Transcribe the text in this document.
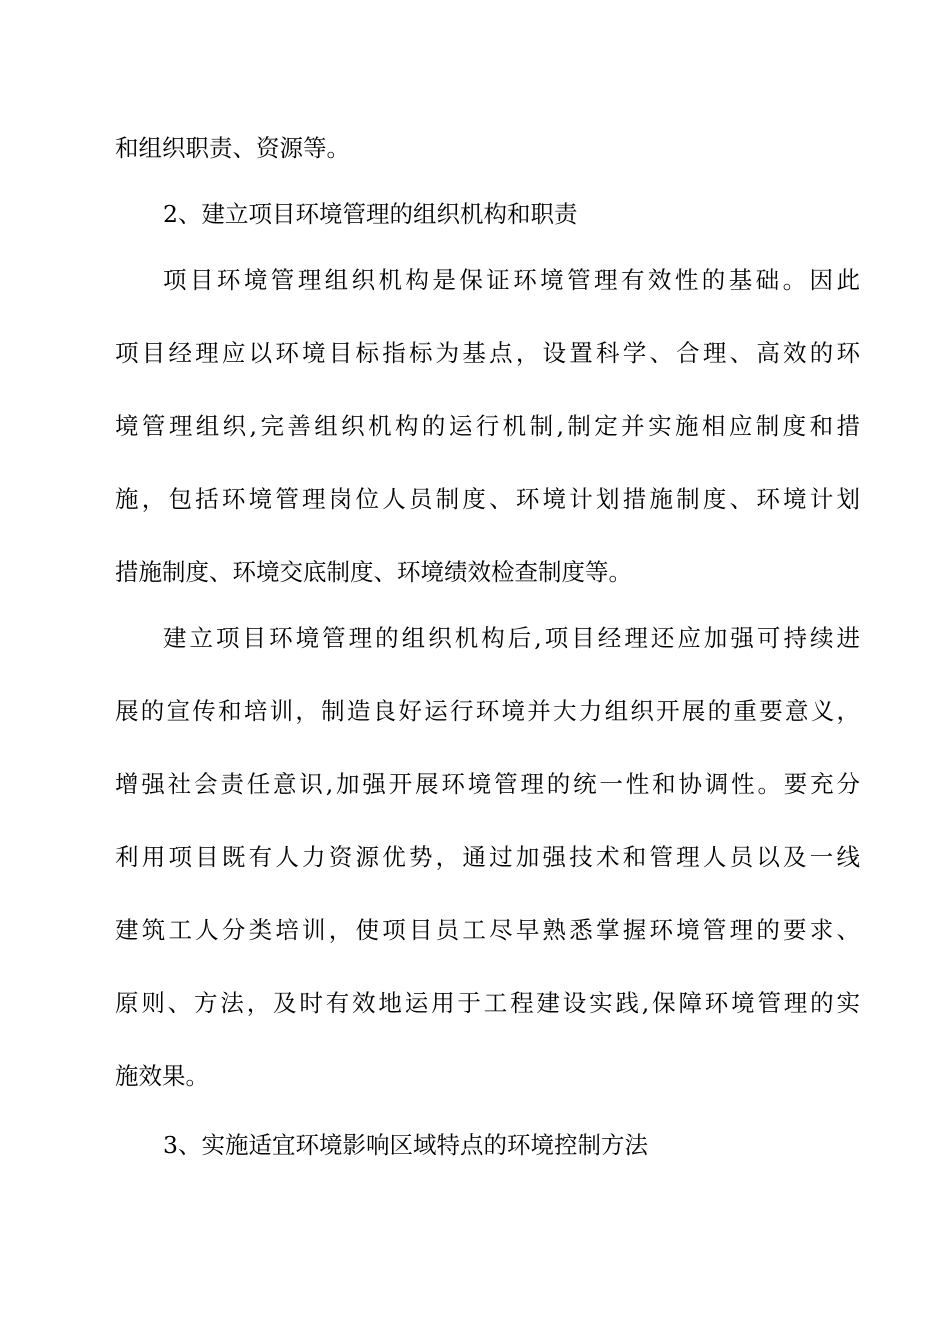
和组织职责、资源等。
2、建立项目环境管理的组织机构和职责
项目环境管理组织机构是保证环境管理有效性的基础。因此
项目经理应以环境目标指标为基点，设置科学、合理、高效的环
境管理组织,完善组织机构的运行机制,制定并实施相应制度和措
施，包括环境管理岗位人员制度、环境计划措施制度、环境计划
措施制度、环境交底制度、环境绩效检查制度等。
建立项目环境管理的组织机构后,项目经理还应加强可持续进
展的宣传和培训，制造良好运行环境并大力组织开展的重要意义，
增强社会责任意识,加强开展环境管理的统一性和协调性。要充分
利用项目既有人力资源优势，通过加强技术和管理人员以及一线
建筑工人分类培训，使项目员工尽早熟悉掌握环境管理的要求、
原则、方法，及时有效地运用于工程建设实践,保障环境管理的实
施效果。
3、实施适宜环境影响区域特点的环境控制方法
